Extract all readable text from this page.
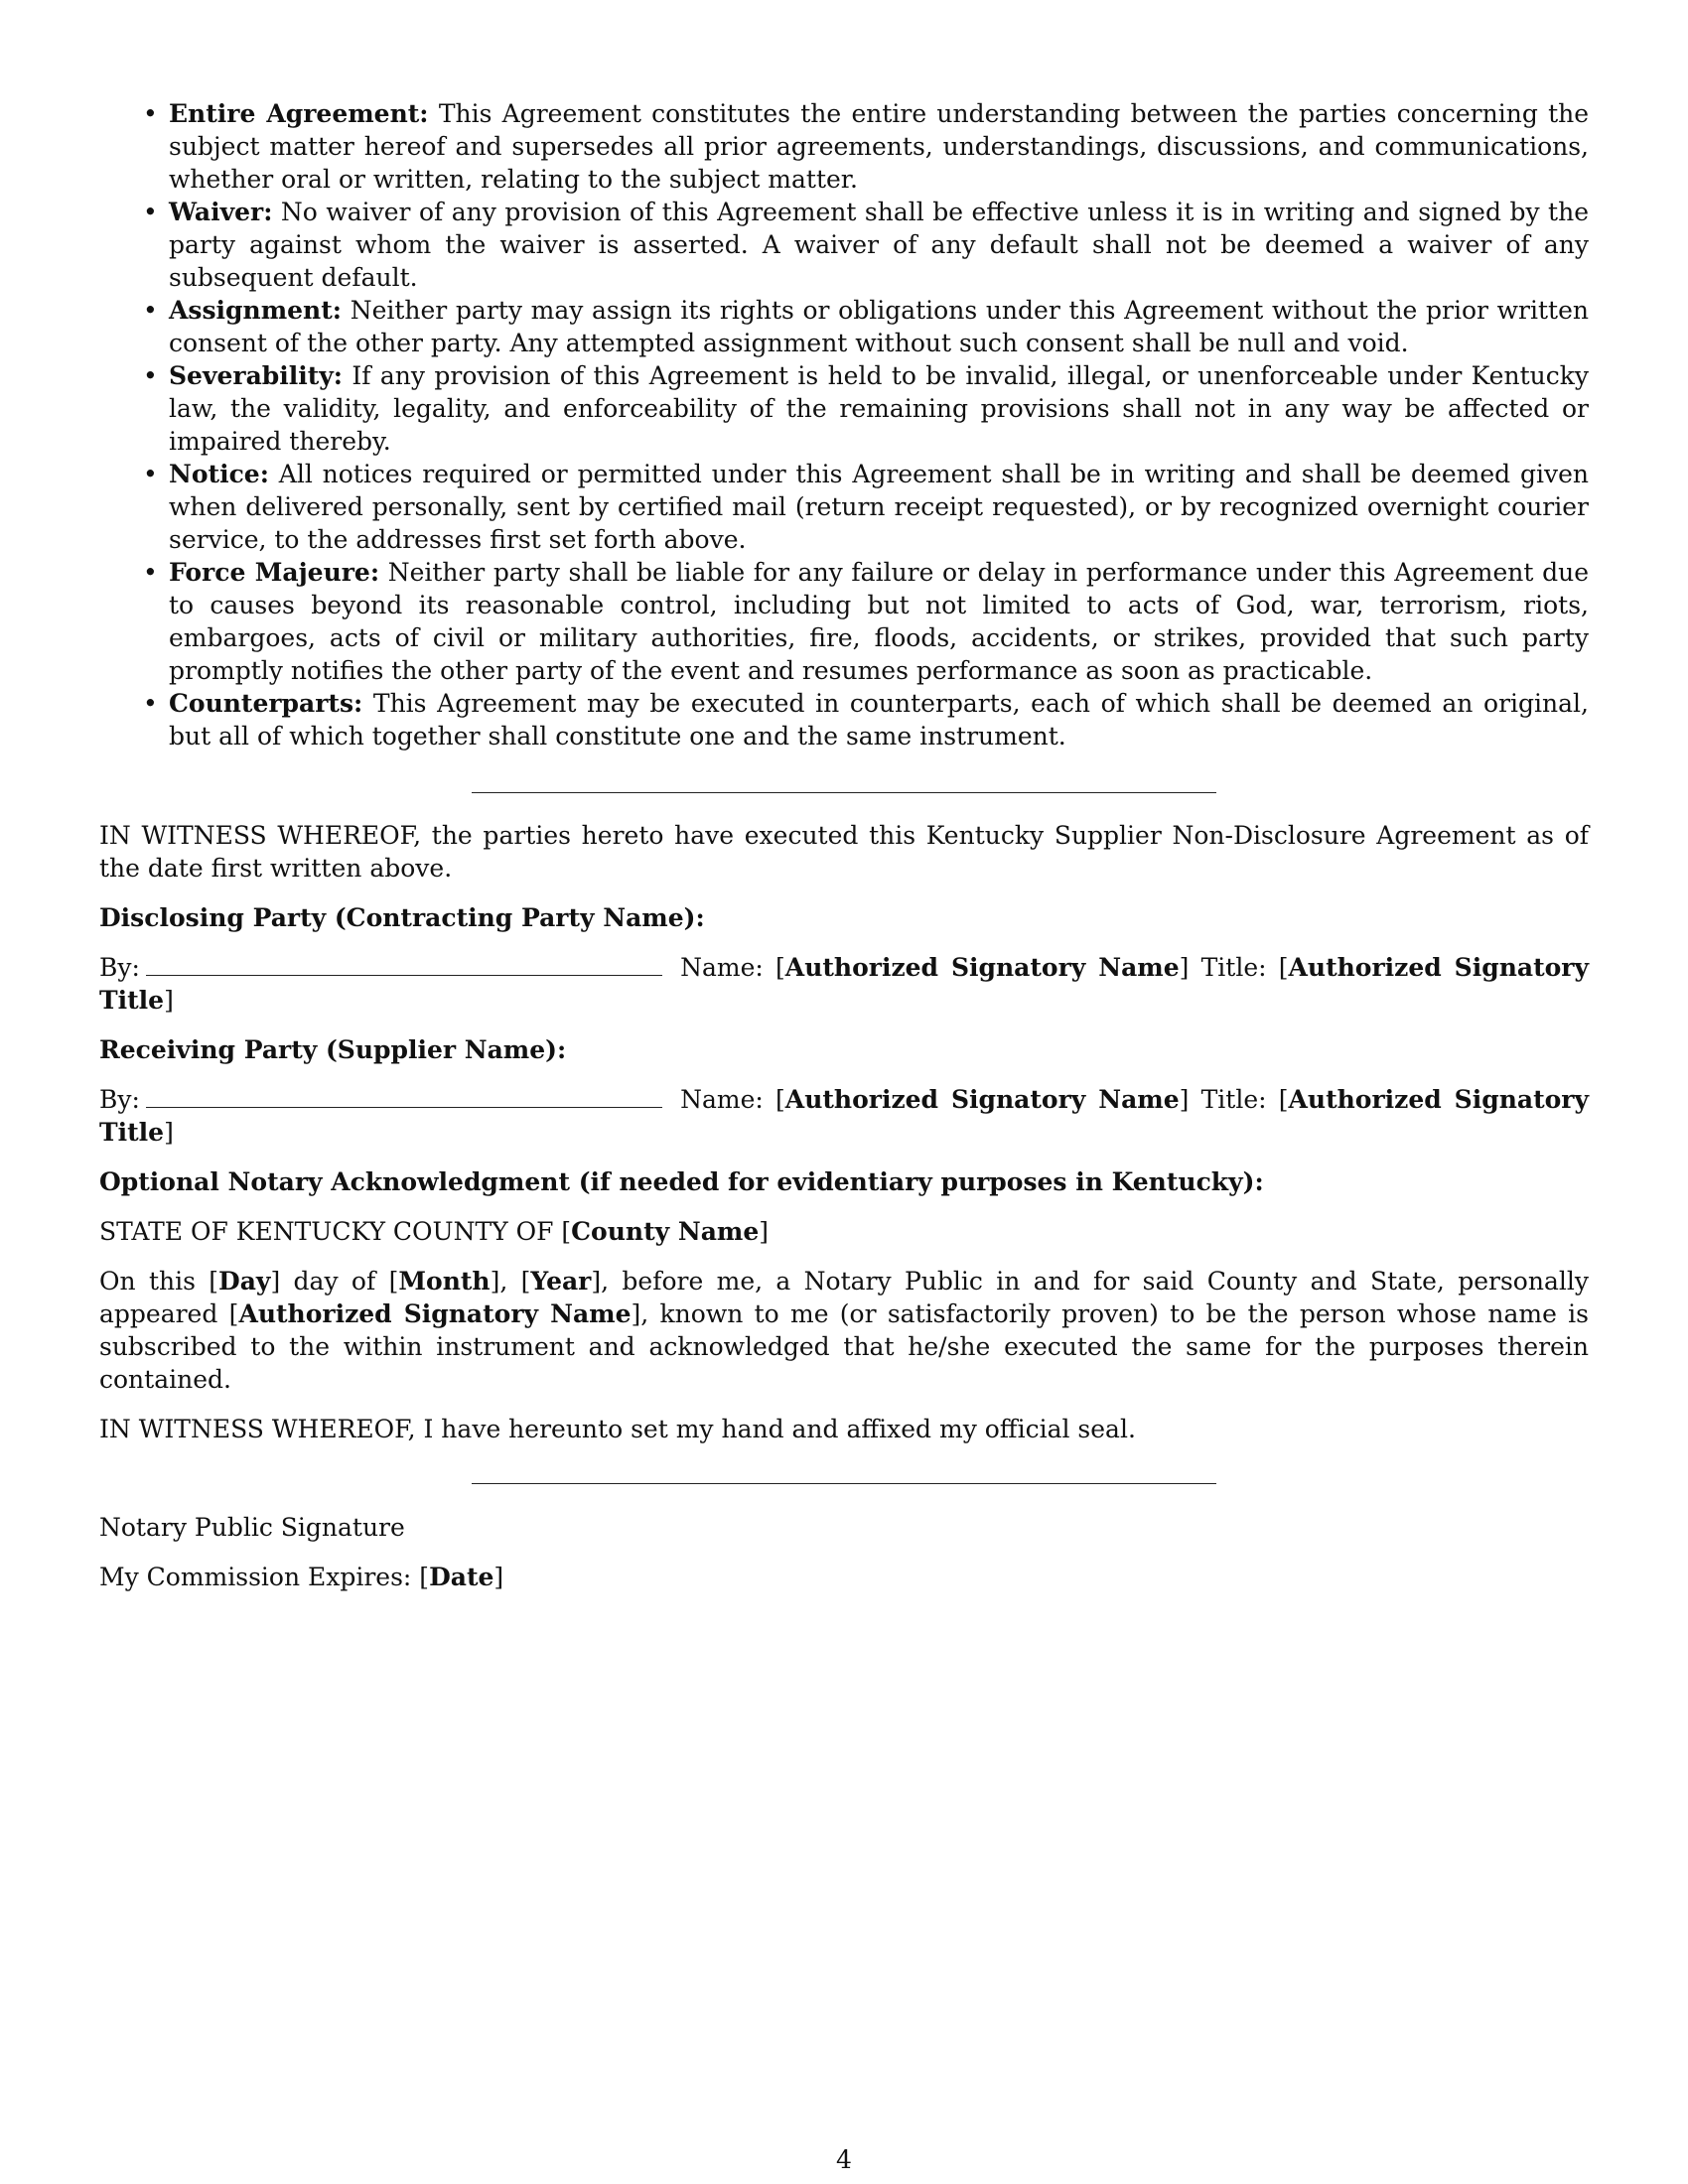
• Entire Agreement: This Agreement constitutes the entire understanding between the parties concerning the subject matter hereof and supersedes all prior agreements, understandings, discussions, and communications, whether oral or written, relating to the subject matter.
• Waiver: No waiver of any provision of this Agreement shall be effective unless it is in writing and signed by the party against whom the waiver is asserted. A waiver of any default shall not be deemed a waiver of any subsequent default.
• Assignment: Neither party may assign its rights or obligations under this Agreement without the prior written consent of the other party. Any attempted assignment without such consent shall be null and void.
• Severability: If any provision of this Agreement is held to be invalid, illegal, or unenforceable under Kentucky law, the validity, legality, and enforceability of the remaining provisions shall not in any way be affected or impaired thereby.
• Notice: All notices required or permitted under this Agreement shall be in writing and shall be deemed given when delivered personally, sent by certified mail (return receipt requested), or by recognized overnight courier service, to the addresses first set forth above.
• Force Majeure: Neither party shall be liable for any failure or delay in performance under this Agreement due to causes beyond its reasonable control, including but not limited to acts of God, war, terrorism, riots, embargoes, acts of civil or military authorities, fire, floods, accidents, or strikes, provided that such party promptly notifies the other party of the event and resumes performance as soon as practicable.
• Counterparts: This Agreement may be executed in counterparts, each of which shall be deemed an original, but all of which together shall constitute one and the same instrument.

IN WITNESS WHEREOF, the parties hereto have executed this Kentucky Supplier Non-Disclosure Agreement as of the date first written above.

Disclosing Party (Contracting Party Name):

By:	Name: [Authorized Signatory Name] Title: [Authorized Signatory Title]

Receiving Party (Supplier Name):

By:	Name: [Authorized Signatory Name] Title: [Authorized Signatory Title]

Optional Notary Acknowledgment (if needed for evidentiary purposes in Kentucky):

STATE OF KENTUCKY COUNTY OF [County Name]

On this [Day] day of [Month], [Year], before me, a Notary Public in and for said County and State, personally appeared [Authorized Signatory Name], known to me (or satisfactorily proven) to be the person whose name is subscribed to the within instrument and acknowledged that he/she executed the same for the purposes therein contained.

IN WITNESS WHEREOF, I have hereunto set my hand and affixed my official seal.

Notary Public Signature

My Commission Expires: [Date]

4
